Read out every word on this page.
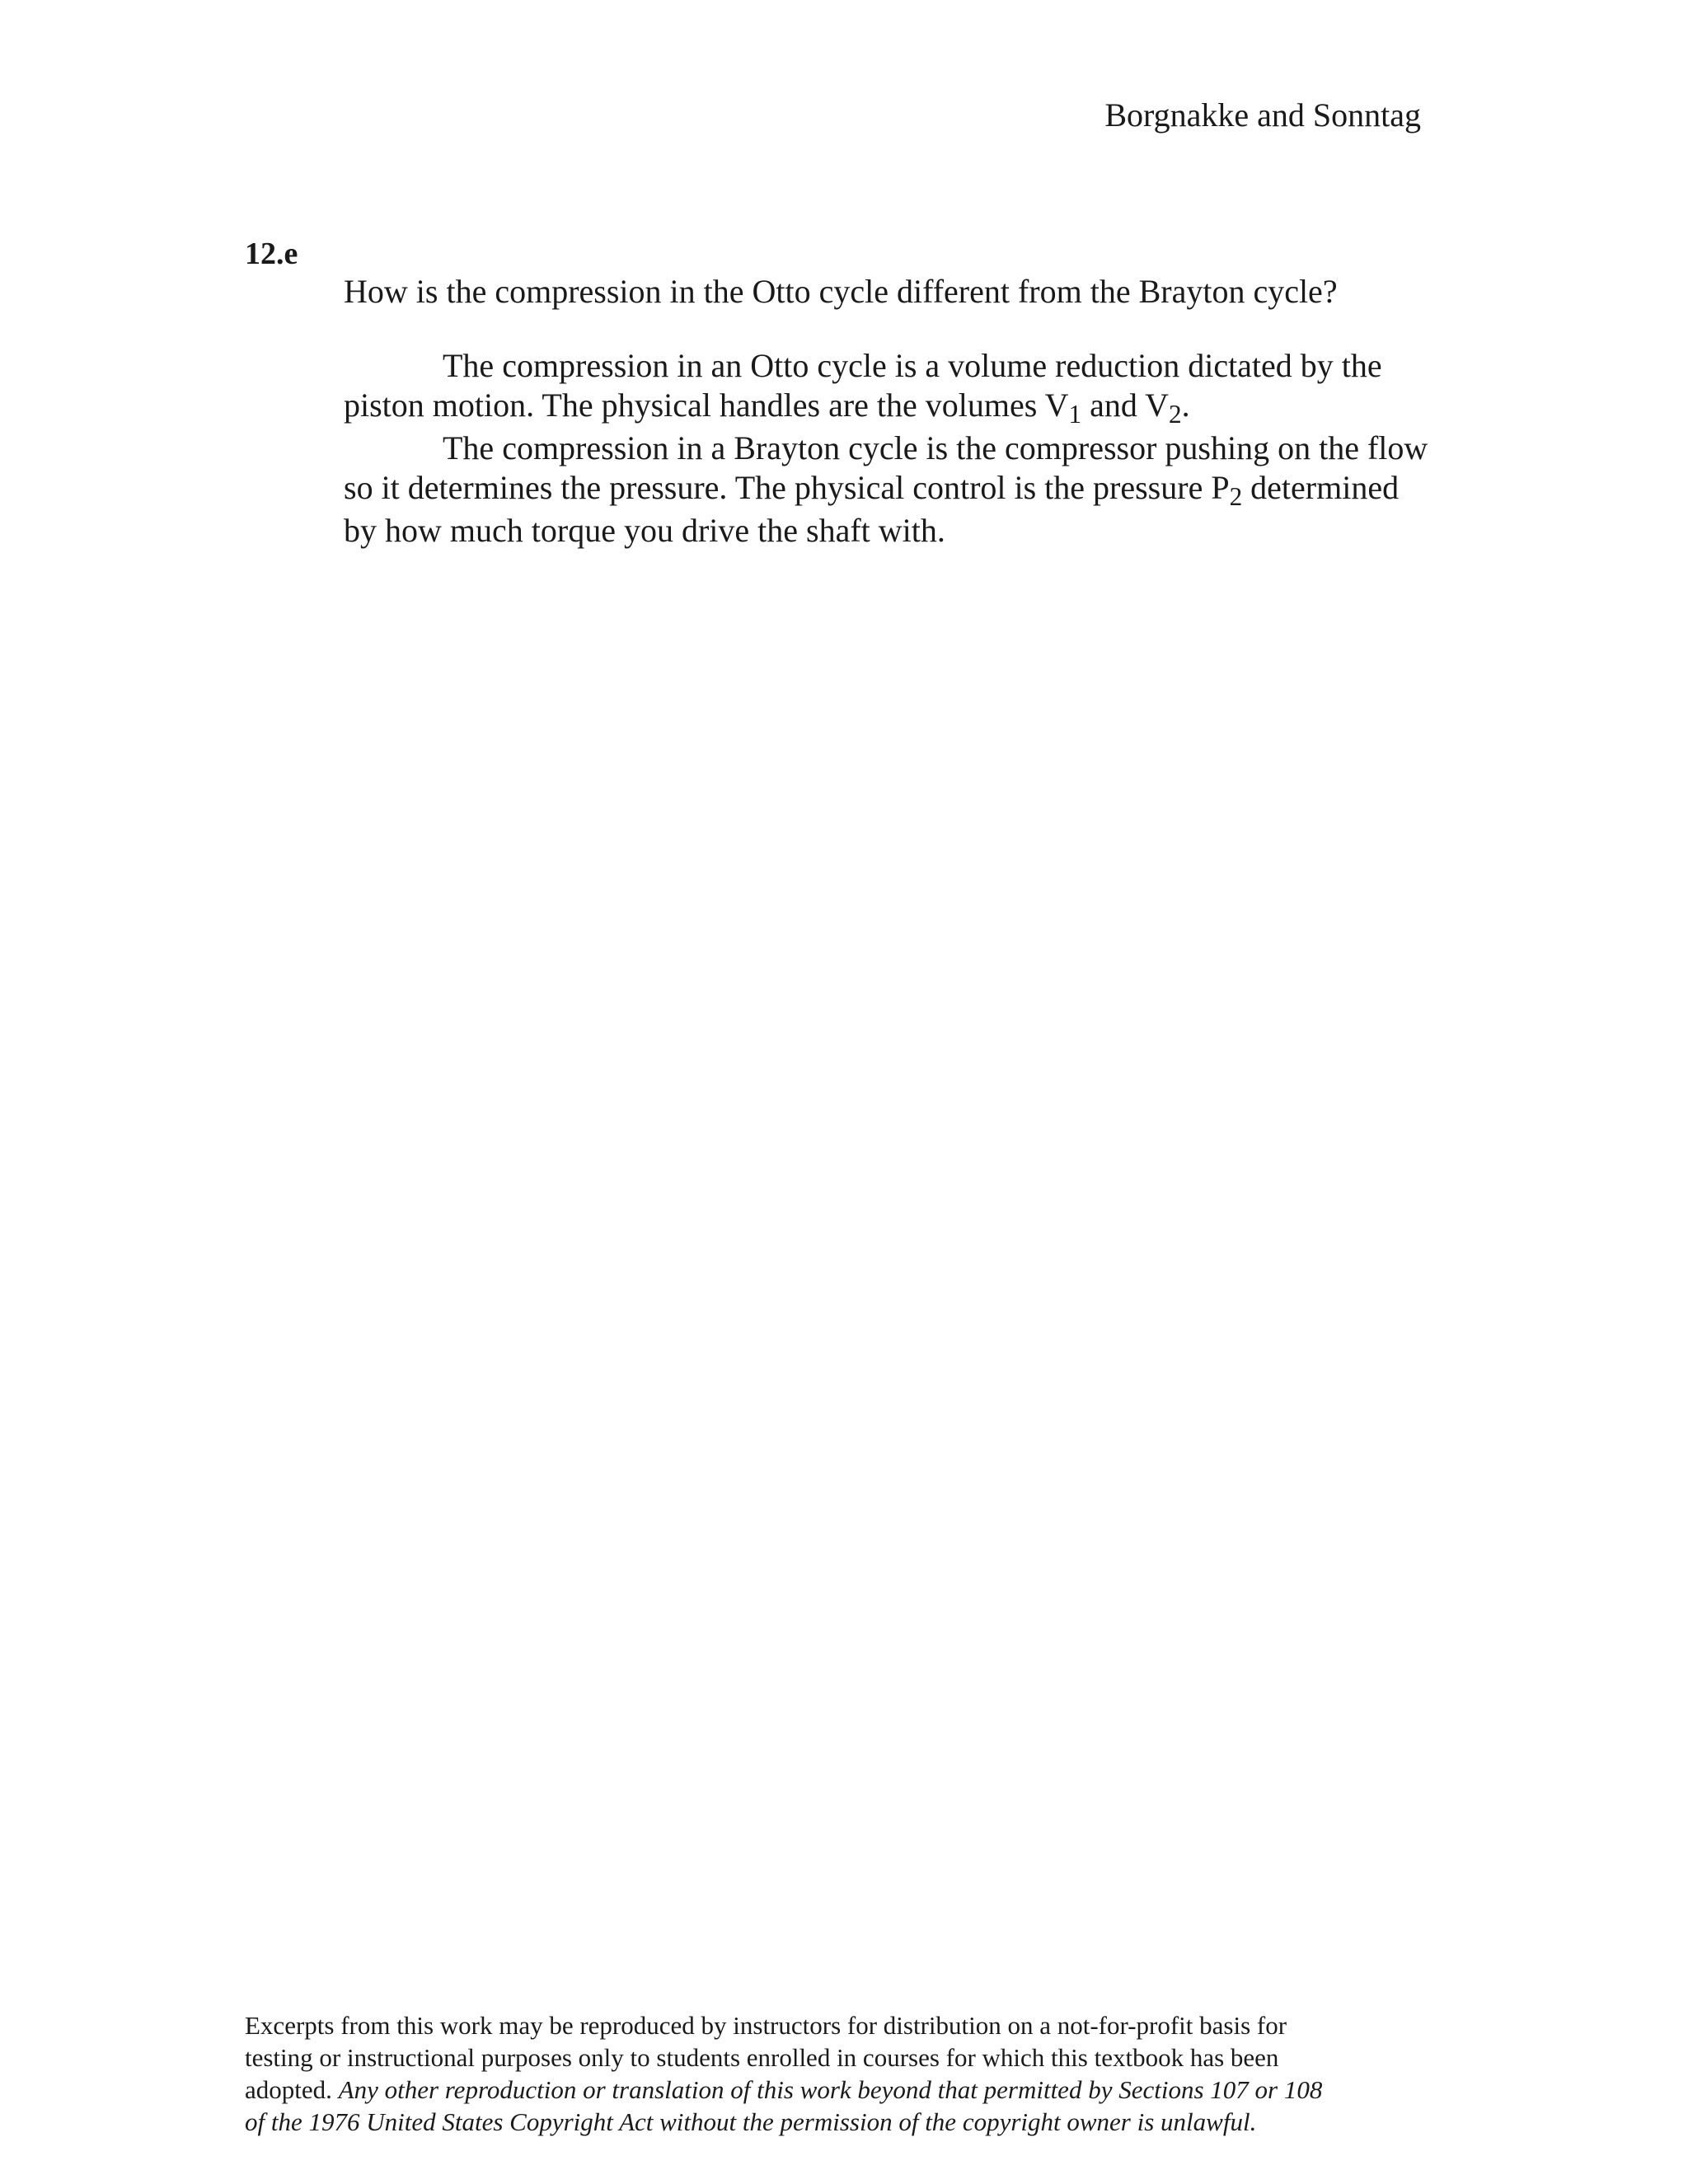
Borgnakke and Sonntag
12.e
How is the compression in the Otto cycle different from the Brayton cycle?
The compression in an Otto cycle is a volume reduction dictated by the
piston motion. The physical handles are the volumes $V_1$ and $V_2$.
The compression in a Brayton cycle is the compressor pushing on the flow
so it determines the pressure. The physical control is the pressure $P_2$ determined
by how much torque you drive the shaft with.
Excerpts from this work may be reproduced by instructors for distribution on a not-for-profit basis for
testing or instructional purposes only to students enrolled in courses for which this textbook has been
adopted. Any other reproduction or translation of this work beyond that permitted by Sections 107 or 108
of the 1976 United States Copyright Act without the permission of the copyright owner is unlawful.
